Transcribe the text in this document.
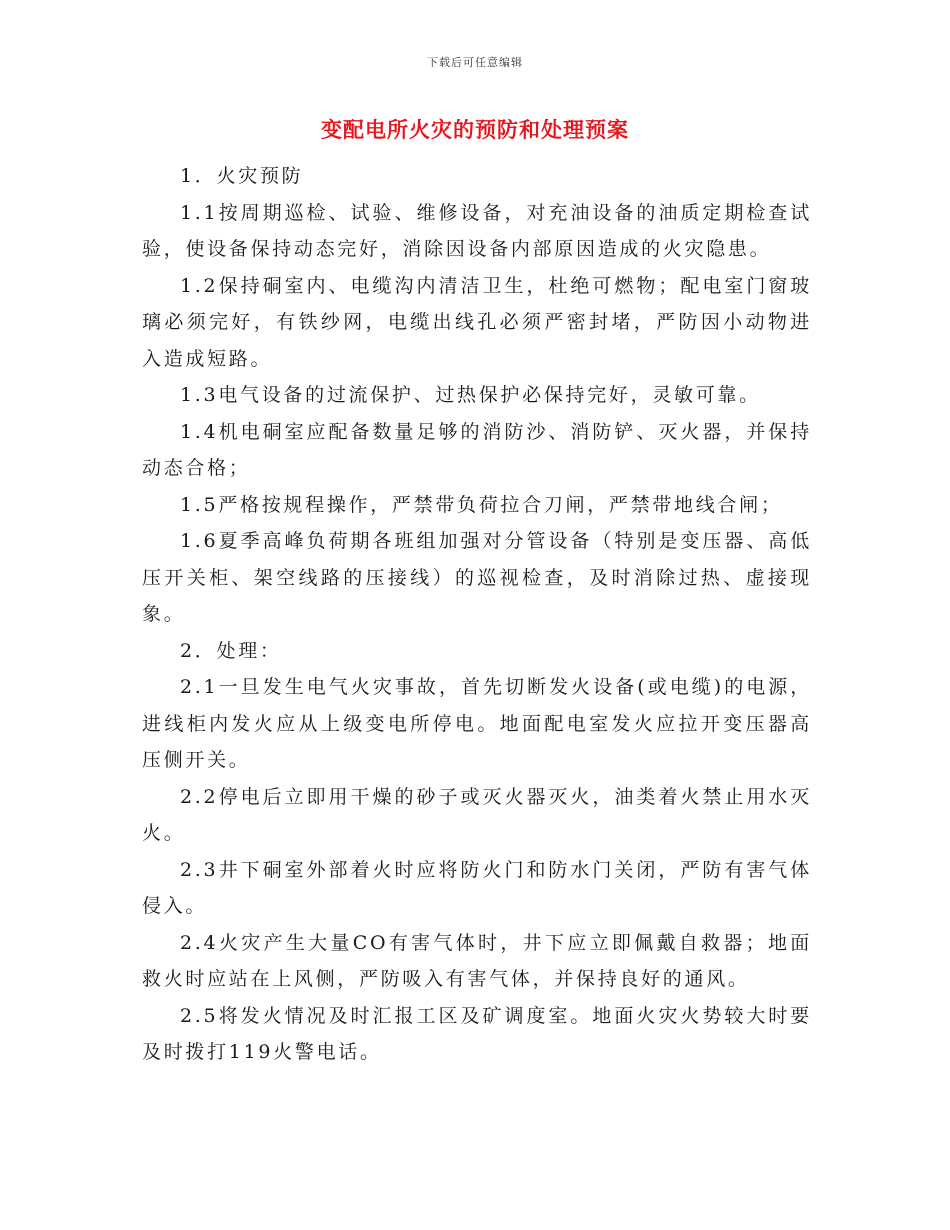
下载后可任意编辑
变配电所火灾的预防和处理预案

1．火灾预防

1.1按周期巡检、试验、维修设备，对充油设备的油质定期检查试验，使设备保持动态完好，消除因设备内部原因造成的火灾隐患。

1.2保持硐室内、电缆沟内清洁卫生，杜绝可燃物；配电室门窗玻璃必须完好，有铁纱网，电缆出线孔必须严密封堵，严防因小动物进入造成短路。

1.3电气设备的过流保护、过热保护必保持完好，灵敏可靠。

1.4机电硐室应配备数量足够的消防沙、消防铲、灭火器，并保持动态合格；

1.5严格按规程操作，严禁带负荷拉合刀闸，严禁带地线合闸；

1.6夏季高峰负荷期各班组加强对分管设备（特别是变压器、高低压开关柜、架空线路的压接线）的巡视检查，及时消除过热、虚接现象。

2．处理：

2.1一旦发生电气火灾事故，首先切断发火设备(或电缆)的电源，进线柜内发火应从上级变电所停电。地面配电室发火应拉开变压器高压侧开关。

2.2停电后立即用干燥的砂子或灭火器灭火，油类着火禁止用水灭火。

2.3井下硐室外部着火时应将防火门和防水门关闭，严防有害气体侵入。

2.4火灾产生大量CO有害气体时，井下应立即佩戴自救器；地面救火时应站在上风侧，严防吸入有害气体，并保持良好的通风。

2.5将发火情况及时汇报工区及矿调度室。地面火灾火势较大时要及时拨打119火警电话。
